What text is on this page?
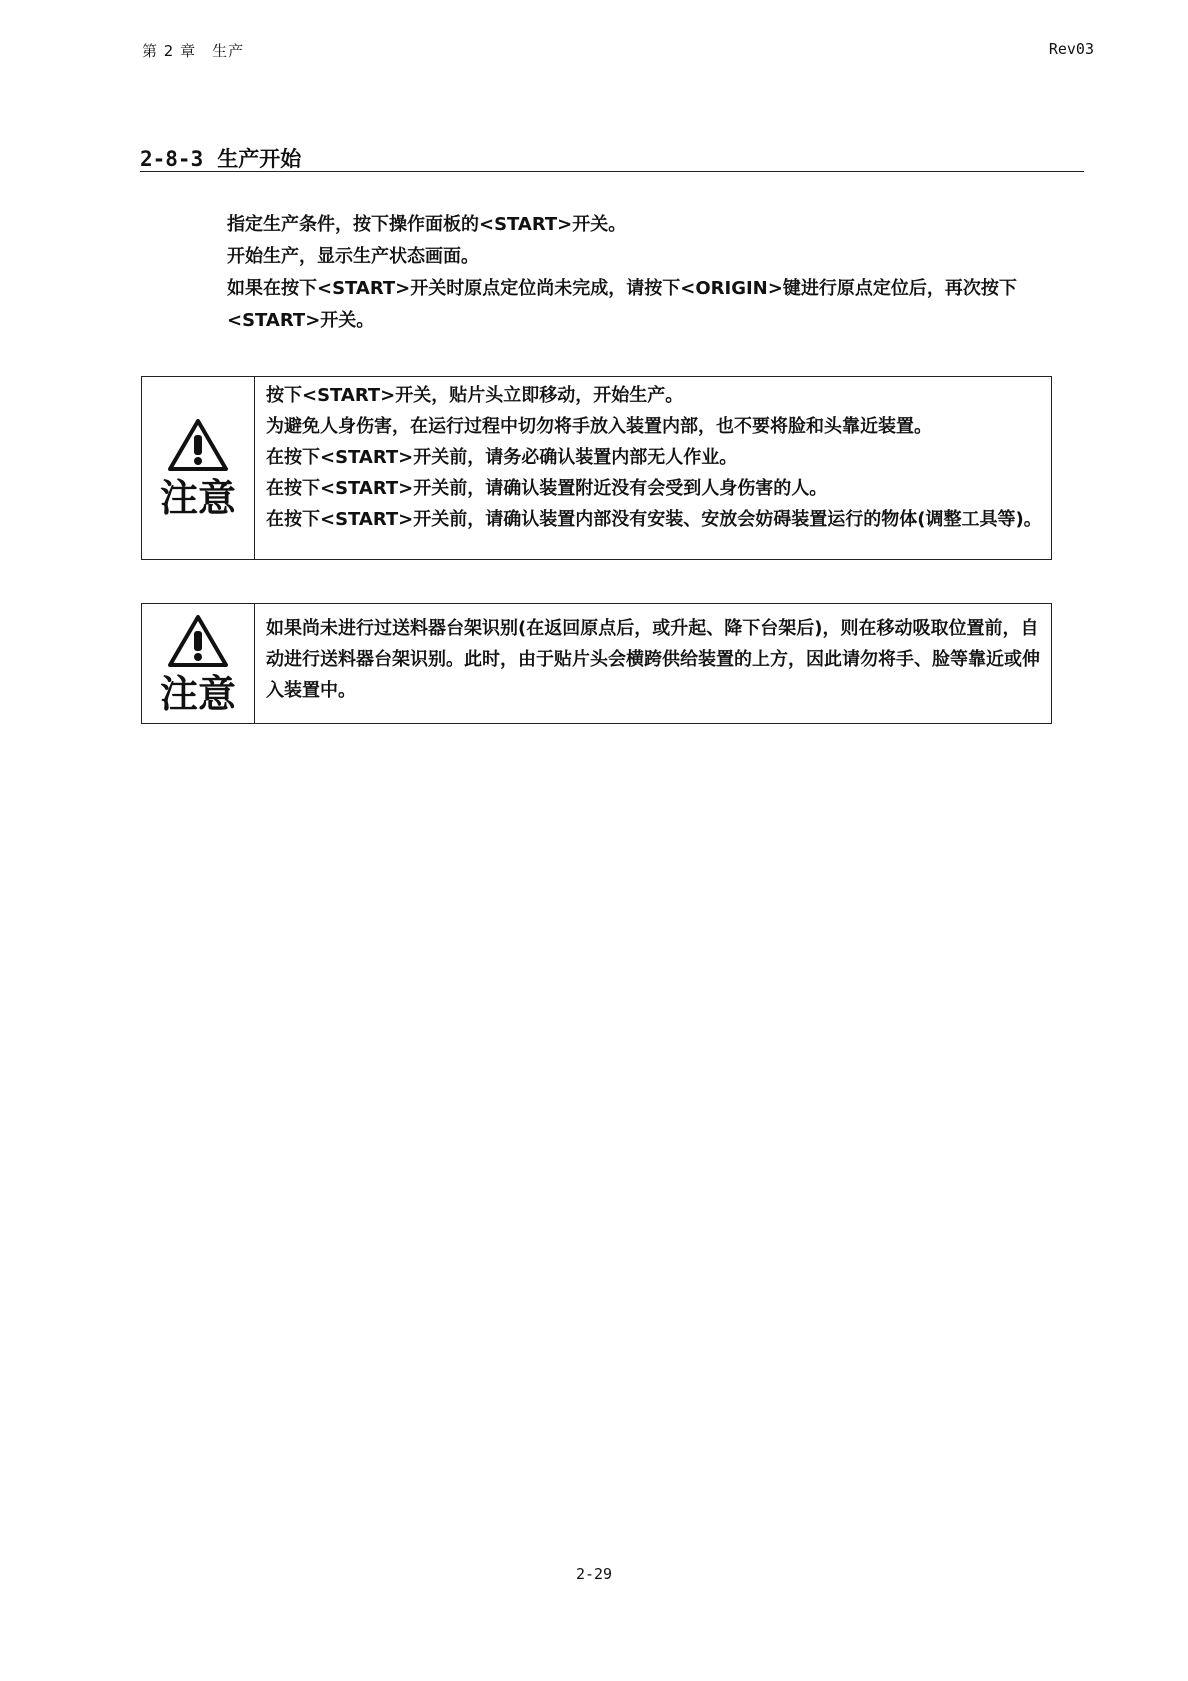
第 2 章　生产	Rev03
2-8-3 生产开始

指定生产条件，按下操作面板的<START>开关。

开始生产，显示生产状态画面。

如果在按下<START>开关时原点定位尚未完成，请按下<ORIGIN>键进行原点定位后，再次按下<START>开关。

注意

按下<START>开关，贴片头立即移动，开始生产。

为避免人身伤害，在运行过程中切勿将手放入装置内部，也不要将脸和头靠近装置。

在按下<START>开关前，请务必确认装置内部无人作业。

在按下<START>开关前，请确认装置附近没有会受到人身伤害的人。

在按下<START>开关前，请确认装置内部没有安装、安放会妨碍装置运行的物体(调整工具等)。

注意

如果尚未进行过送料器台架识别(在返回原点后，或升起、降下台架后)，则在移动吸取位置前，自动进行送料器台架识别。此时，由于贴片头会横跨供给装置的上方，因此请勿将手、脸等靠近或伸入装置中。

2-29
